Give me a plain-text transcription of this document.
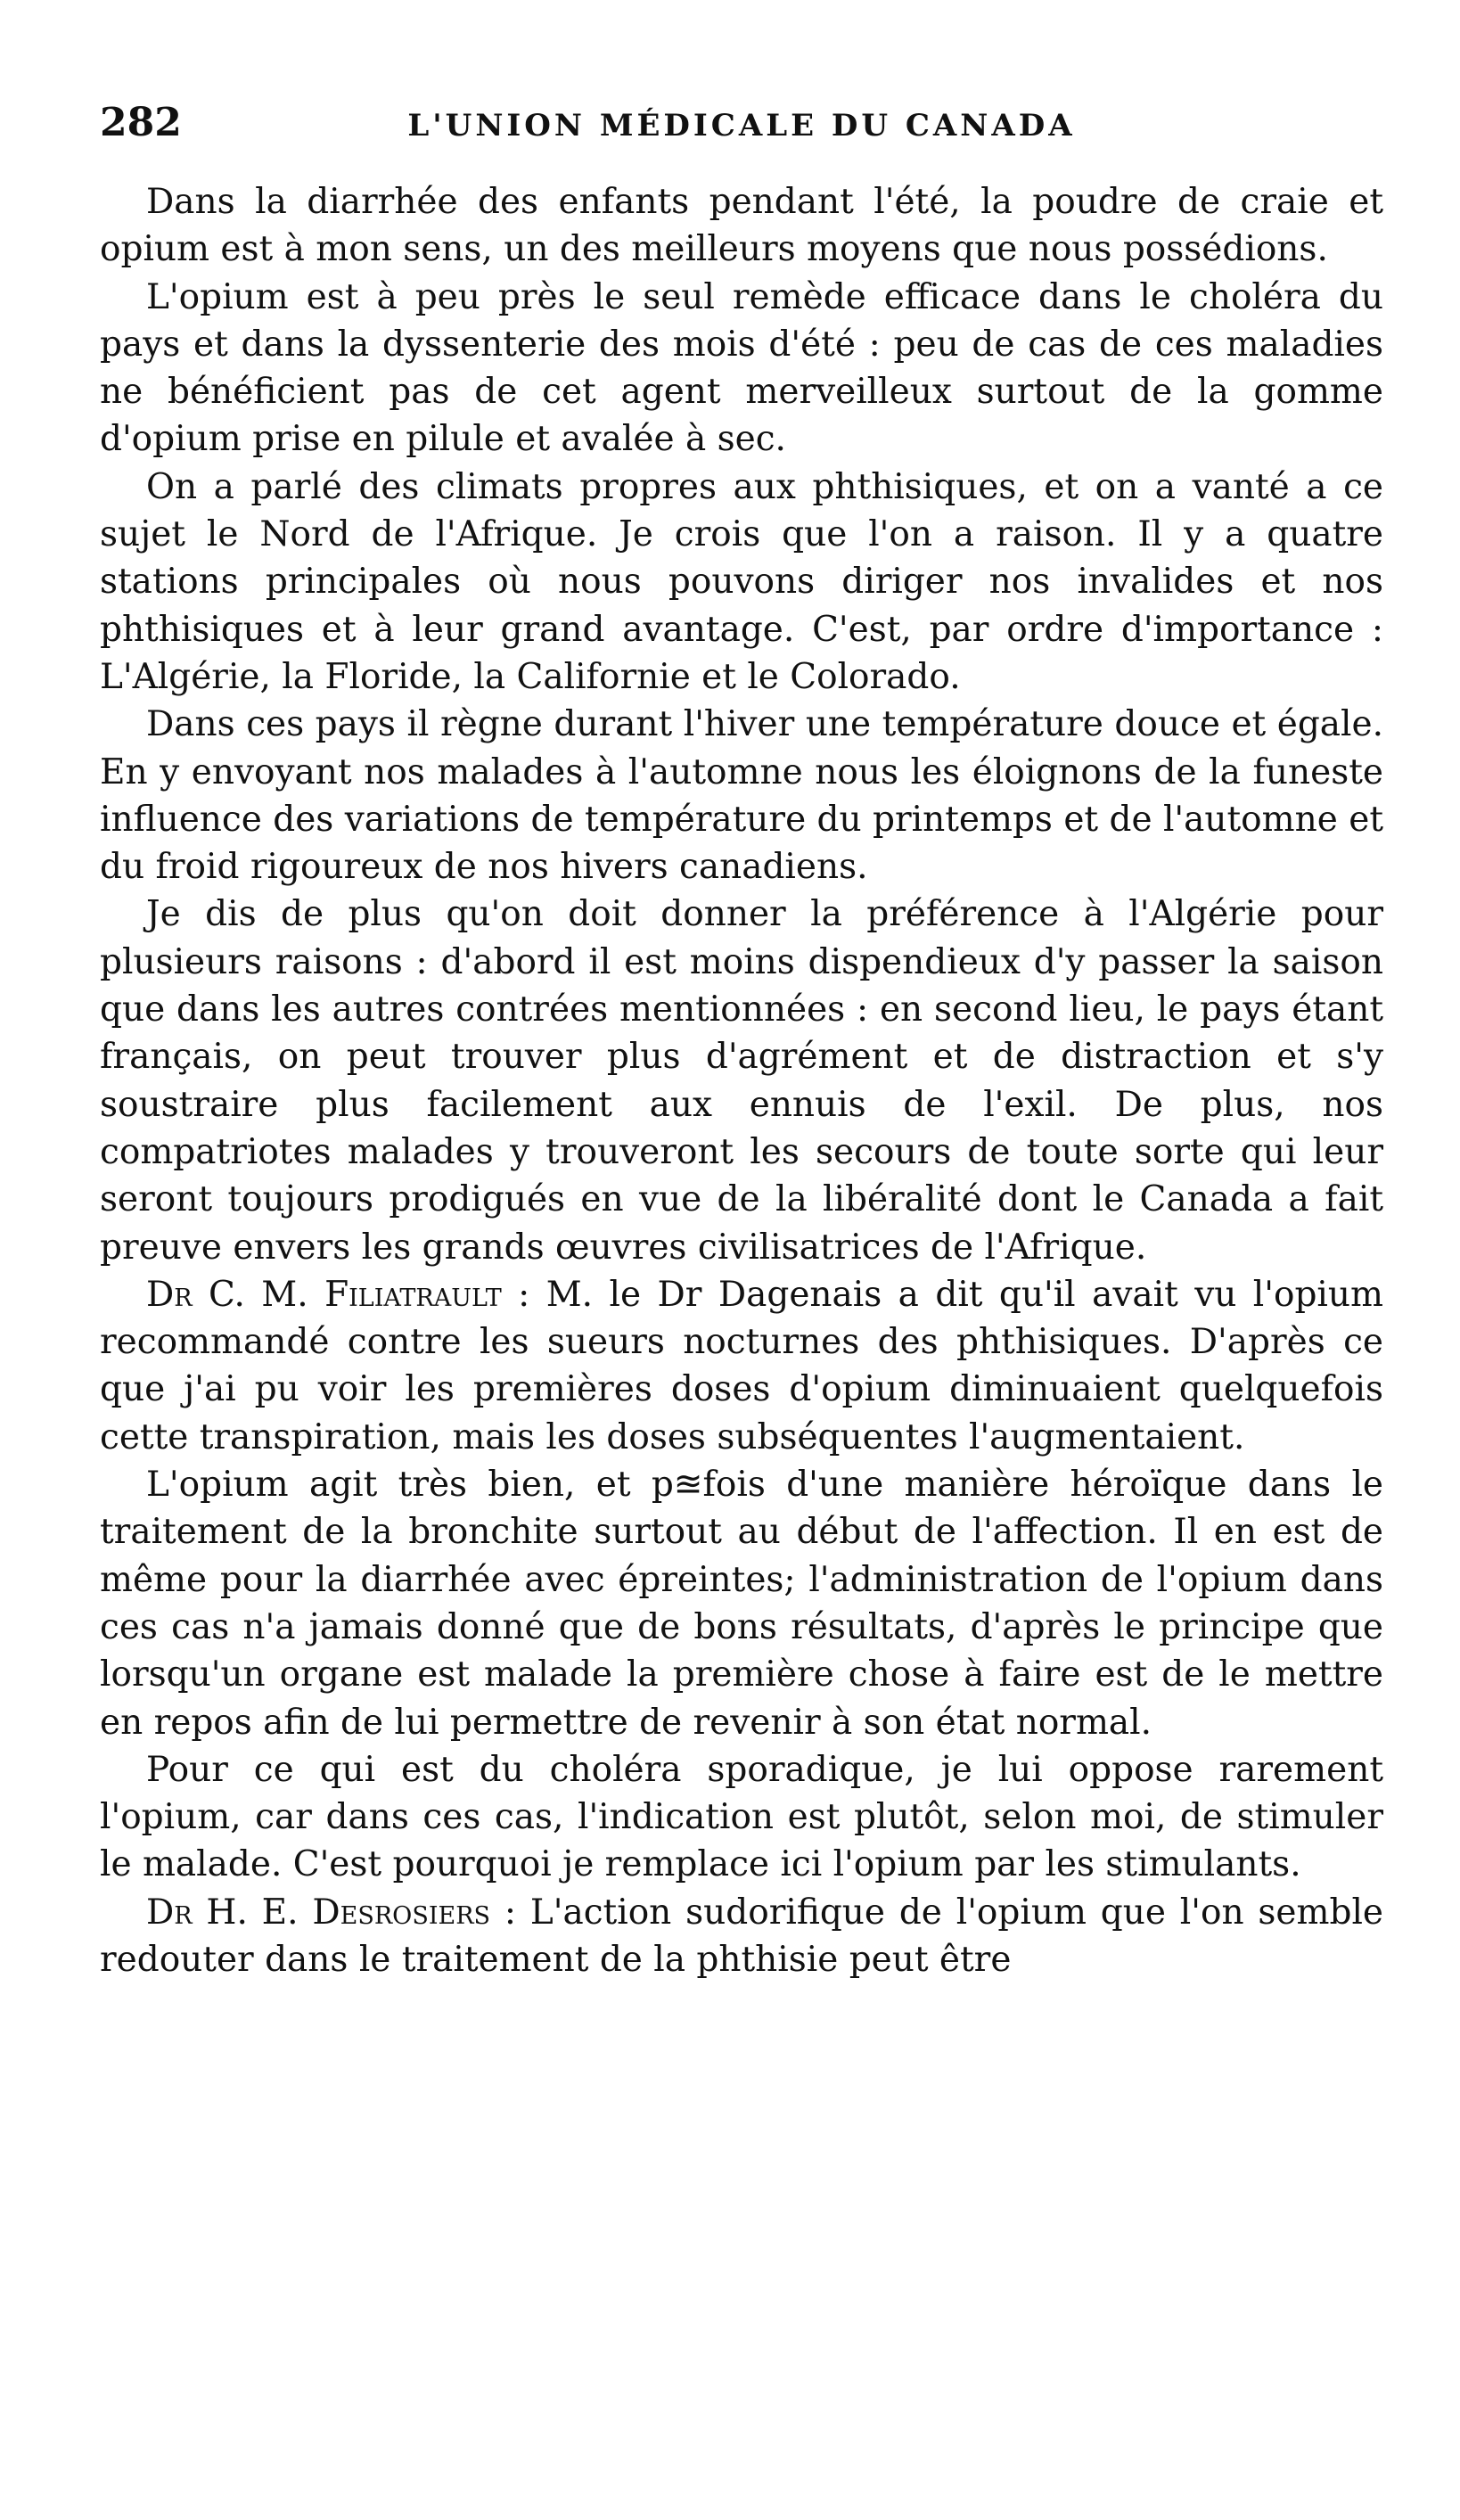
282	L'UNION MÉDICALE DU CANADA

Dans la diarrhée des enfants pendant l'été, la poudre de craie et opium est à mon sens, un des meilleurs moyens que nous possédions.

L'opium est à peu près le seul remède efficace dans le choléra du pays et dans la dyssenterie des mois d'été : peu de cas de ces maladies ne bénéficient pas de cet agent merveilleux surtout de la gomme d'opium prise en pilule et avalée à sec.

On a parlé des climats propres aux phthisiques, et on a vanté a ce sujet le Nord de l'Afrique. Je crois que l'on a raison. Il y a quatre stations principales où nous pouvons diriger nos invalides et nos phthisiques et à leur grand avantage. C'est, par ordre d'importance : L'Algérie, la Floride, la Californie et le Colorado.

Dans ces pays il règne durant l'hiver une température douce et égale. En y envoyant nos malades à l'automne nous les éloignons de la funeste influence des variations de température du printemps et de l'automne et du froid rigoureux de nos hivers canadiens.

Je dis de plus qu'on doit donner la préférence à l'Algérie pour plusieurs raisons : d'abord il est moins dispendieux d'y passer la saison que dans les autres contrées mentionnées : en second lieu, le pays étant français, on peut trouver plus d'agrément et de distraction et s'y soustraire plus facilement aux ennuis de l'exil. De plus, nos compatriotes malades y trouveront les secours de toute sorte qui leur seront toujours prodigués en vue de la libéralité dont le Canada a fait preuve envers les grands œuvres civilisatrices de l'Afrique.

Dr C. M. Filiatrault : M. le Dr Dagenais a dit qu'il avait vu l'opium recommandé contre les sueurs nocturnes des phthisiques. D'après ce que j'ai pu voir les premières doses d'opium diminuaient quelquefois cette transpiration, mais les doses subséquentes l'augmentaient.

L'opium agit très bien, et p≊fois d'une manière héroïque dans le traitement de la bronchite surtout au début de l'affection. Il en est de même pour la diarrhée avec épreintes; l'administration de l'opium dans ces cas n'a jamais donné que de bons résultats, d'après le principe que lorsqu'un organe est malade la première chose à faire est de le mettre en repos afin de lui permettre de revenir à son état normal.

Pour ce qui est du choléra sporadique, je lui oppose rarement l'opium, car dans ces cas, l'indication est plutôt, selon moi, de stimuler le malade. C'est pourquoi je remplace ici l'opium par les stimulants.

Dr H. E. Desrosiers : L'action sudorifique de l'opium que l'on semble redouter dans le traitement de la phthisie peut être
